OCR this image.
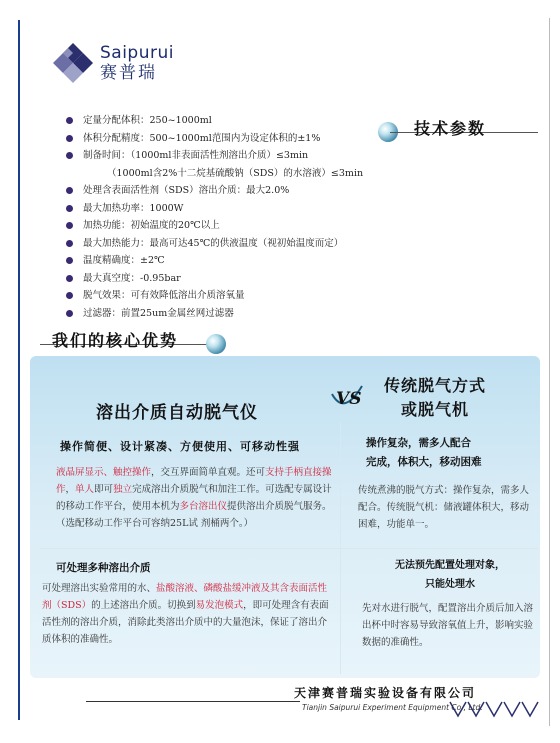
Saipurui
赛普瑞
技术参数
定量分配体积：250~1000ml
体积分配精度：500~1000ml范围内为设定体积的±1%
制备时间：（1000ml非表面活性剂溶出介质）≤3min
（1000ml含2%十二烷基硫酸钠（SDS）的水溶液）≤3min
处理含表面活性剂（SDS）溶出介质：最大2.0%
最大加热功率：1000W
加热功能：初始温度的20℃以上
最大加热能力：最高可达45℃的供液温度（视初始温度而定）
温度精确度：±2℃
最大真空度：-0.95bar
脱气效果：可有效降低溶出介质溶氧量
过滤器：前置25um金属丝网过滤器
我们的核心优势
溶出介质自动脱气仪
VS
传统脱气方式
或脱气机
操作简便、设计紧凑、方便使用、可移动性强
液晶屏显示、触控操作，交互界面简单直观。还可支持手柄直接操作，单人即可独立完成溶出介质脱气和加注工作。可选配专属设计的移动工作平台，使用本机为多台溶出仪提供溶出介质脱气服务。（选配移动工作平台可容纳25L试 剂桶两个。）
操作复杂，需多人配合
完成，体积大，移动困难
传统煮沸的脱气方式：操作复杂，需多人配合。传统脱气机：储液罐体积大，移动困难，功能单一。
可处理多种溶出介质
可处理溶出实验常用的水、盐酸溶液、磷酸盐缓冲液及其含表面活性剂（SDS）的上述溶出介质。切换到易发泡模式，即可处理含有表面活性剂的溶出介质，消除此类溶出介质中的大量泡沫，保证了溶出介质体积的准确性。
无法预先配置处理对象，
只能处理水
先对水进行脱气，配置溶出介质后加入溶出杯中时容易导致溶氧值上升，影响实验数据的准确性。
天津赛普瑞实验设备有限公司
Tianjin Saipurui Experiment Equipment Co., Ltd.
